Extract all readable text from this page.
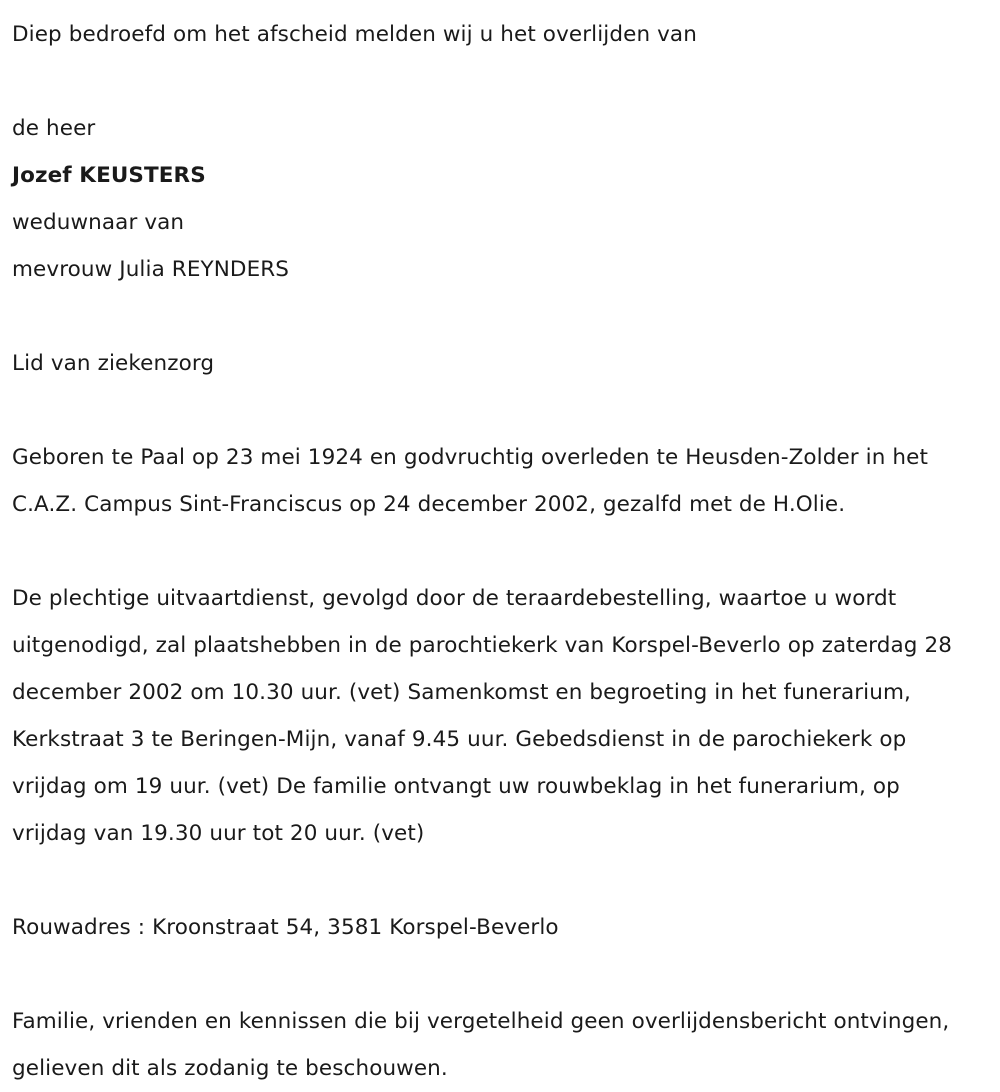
Diep bedroefd om het afscheid melden wij u het overlijden van

de heer

Jozef KEUSTERS

weduwnaar van

mevrouw Julia REYNDERS

Lid van ziekenzorg

Geboren te Paal op 23 mei 1924 en godvruchtig overleden te Heusden-Zolder in het C.A.Z. Campus Sint-Franciscus op 24 december 2002, gezalfd met de H.Olie.

De plechtige uitvaartdienst, gevolgd door de teraardebestelling, waartoe u wordt uitgenodigd, zal plaatshebben in de parochtiekerk van Korspel-Beverlo op zaterdag 28 december 2002 om 10.30 uur. (vet) Samenkomst en begroeting in het funerarium, Kerkstraat 3 te Beringen-Mijn, vanaf 9.45 uur. Gebedsdienst in de parochiekerk op vrijdag om 19 uur. (vet) De familie ontvangt uw rouwbeklag in het funerarium, op vrijdag van 19.30 uur tot 20 uur. (vet)

Rouwadres : Kroonstraat 54, 3581 Korspel-Beverlo

Familie, vrienden en kennissen die bij vergetelheid geen overlijdensbericht ontvingen, gelieven dit als zodanig te beschouwen.
